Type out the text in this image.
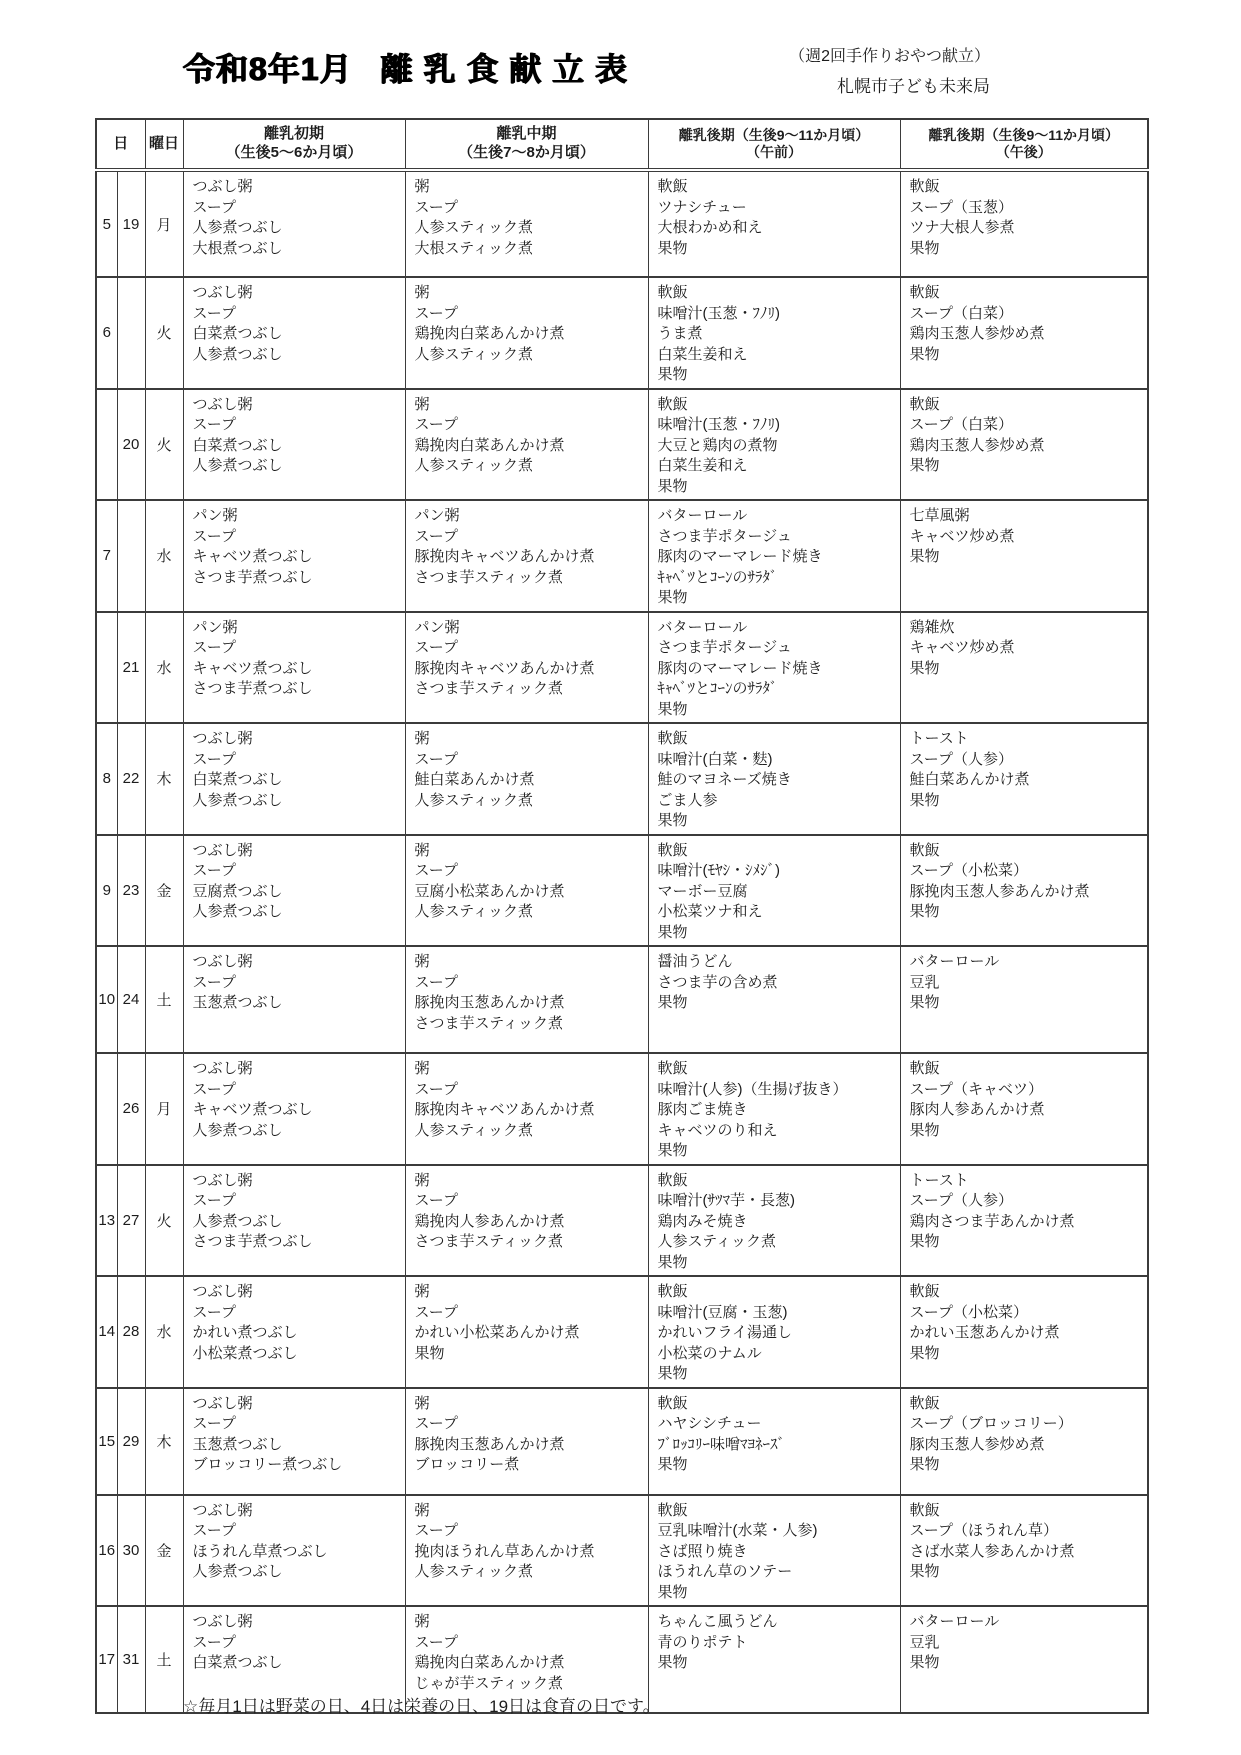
令和8年1月 離 乳 食 献 立 表	（週2回手作りおやつ献立）
札幌市子ども未来局
日	曜日	
離乳初期
（生後5～6か月頃）

離乳中期
（生後7～8か月頃）

離乳後期（生後9～11か月頃）
（午前）

離乳後期（生後9～11か月頃）
（午後）

5	19	月	
つぶし粥
スープ
人参煮つぶし
大根煮つぶし

粥
スープ
人参スティック煮
大根スティック煮

軟飯
ツナシチュー
大根わかめ和え
果物

軟飯
スープ（玉葱）
ツナ大根人参煮
果物

6		火	
つぶし粥
スープ
白菜煮つぶし
人参煮つぶし

粥
スープ
鶏挽肉白菜あんかけ煮
人参スティック煮

軟飯
味噌汁(玉葱・ﾌﾉﾘ)
うま煮
白菜生姜和え
果物

軟飯
スープ（白菜）
鶏肉玉葱人参炒め煮
果物

	20	火	
つぶし粥
スープ
白菜煮つぶし
人参煮つぶし

粥
スープ
鶏挽肉白菜あんかけ煮
人参スティック煮

軟飯
味噌汁(玉葱・ﾌﾉﾘ)
大豆と鶏肉の煮物
白菜生姜和え
果物

軟飯
スープ（白菜）
鶏肉玉葱人参炒め煮
果物

7		水	
パン粥
スープ
キャベツ煮つぶし
さつま芋煮つぶし

パン粥
スープ
豚挽肉キャベツあんかけ煮
さつま芋スティック煮

バターロール
さつま芋ポタージュ
豚肉のマーマレード焼き
ｷｬﾍﾞﾂとｺｰﾝのｻﾗﾀﾞ
果物

七草風粥
キャベツ炒め煮
果物

	21	水	
パン粥
スープ
キャベツ煮つぶし
さつま芋煮つぶし

パン粥
スープ
豚挽肉キャベツあんかけ煮
さつま芋スティック煮

バターロール
さつま芋ポタージュ
豚肉のマーマレード焼き
ｷｬﾍﾞﾂとｺｰﾝのｻﾗﾀﾞ
果物

鶏雑炊
キャベツ炒め煮
果物

8	22	木	
つぶし粥
スープ
白菜煮つぶし
人参煮つぶし

粥
スープ
鮭白菜あんかけ煮
人参スティック煮

軟飯
味噌汁(白菜・麩)
鮭のマヨネーズ焼き
ごま人参
果物

トースト
スープ（人参）
鮭白菜あんかけ煮
果物

9	23	金	
つぶし粥
スープ
豆腐煮つぶし
人参煮つぶし

粥
スープ
豆腐小松菜あんかけ煮
人参スティック煮

軟飯
味噌汁(ﾓﾔｼ・ｼﾒｼﾞ)
マーボー豆腐
小松菜ツナ和え
果物

軟飯
スープ（小松菜）
豚挽肉玉葱人参あんかけ煮
果物

10	24	土	
つぶし粥
スープ
玉葱煮つぶし

粥
スープ
豚挽肉玉葱あんかけ煮
さつま芋スティック煮

醤油うどん
さつま芋の含め煮
果物

バターロール
豆乳
果物

	26	月	
つぶし粥
スープ
キャベツ煮つぶし
人参煮つぶし

粥
スープ
豚挽肉キャベツあんかけ煮
人参スティック煮

軟飯
味噌汁(人参)（生揚げ抜き）
豚肉ごま焼き
キャベツのり和え
果物

軟飯
スープ（キャベツ）
豚肉人参あんかけ煮
果物

13	27	火	
つぶし粥
スープ
人参煮つぶし
さつま芋煮つぶし

粥
スープ
鶏挽肉人参あんかけ煮
さつま芋スティック煮

軟飯
味噌汁(ｻﾂﾏ芋・長葱)
鶏肉みそ焼き
人参スティック煮
果物

トースト
スープ（人参）
鶏肉さつま芋あんかけ煮
果物

14	28	水	
つぶし粥
スープ
かれい煮つぶし
小松菜煮つぶし

粥
スープ
かれい小松菜あんかけ煮
果物

軟飯
味噌汁(豆腐・玉葱)
かれいフライ湯通し
小松菜のナムル
果物

軟飯
スープ（小松菜）
かれい玉葱あんかけ煮
果物

15	29	木	
つぶし粥
スープ
玉葱煮つぶし
ブロッコリー煮つぶし

粥
スープ
豚挽肉玉葱あんかけ煮
ブロッコリー煮

軟飯
ハヤシシチュー
ﾌﾞﾛｯｺﾘｰ味噌ﾏﾖﾈｰｽﾞ
果物

軟飯
スープ（ブロッコリー）
豚肉玉葱人参炒め煮
果物

16	30	金	
つぶし粥
スープ
ほうれん草煮つぶし
人参煮つぶし

粥
スープ
挽肉ほうれん草あんかけ煮
人参スティック煮

軟飯
豆乳味噌汁(水菜・人参)
さば照り焼き
ほうれん草のソテー
果物

軟飯
スープ（ほうれん草）
さば水菜人参あんかけ煮
果物

17	31	土	
つぶし粥
スープ
白菜煮つぶし

粥
スープ
鶏挽肉白菜あんかけ煮
じゃが芋スティック煮

ちゃんこ風うどん
青のりポテト
果物

バターロール
豆乳
果物
☆毎月1日は野菜の日、4日は栄養の日、19日は食育の日です。
